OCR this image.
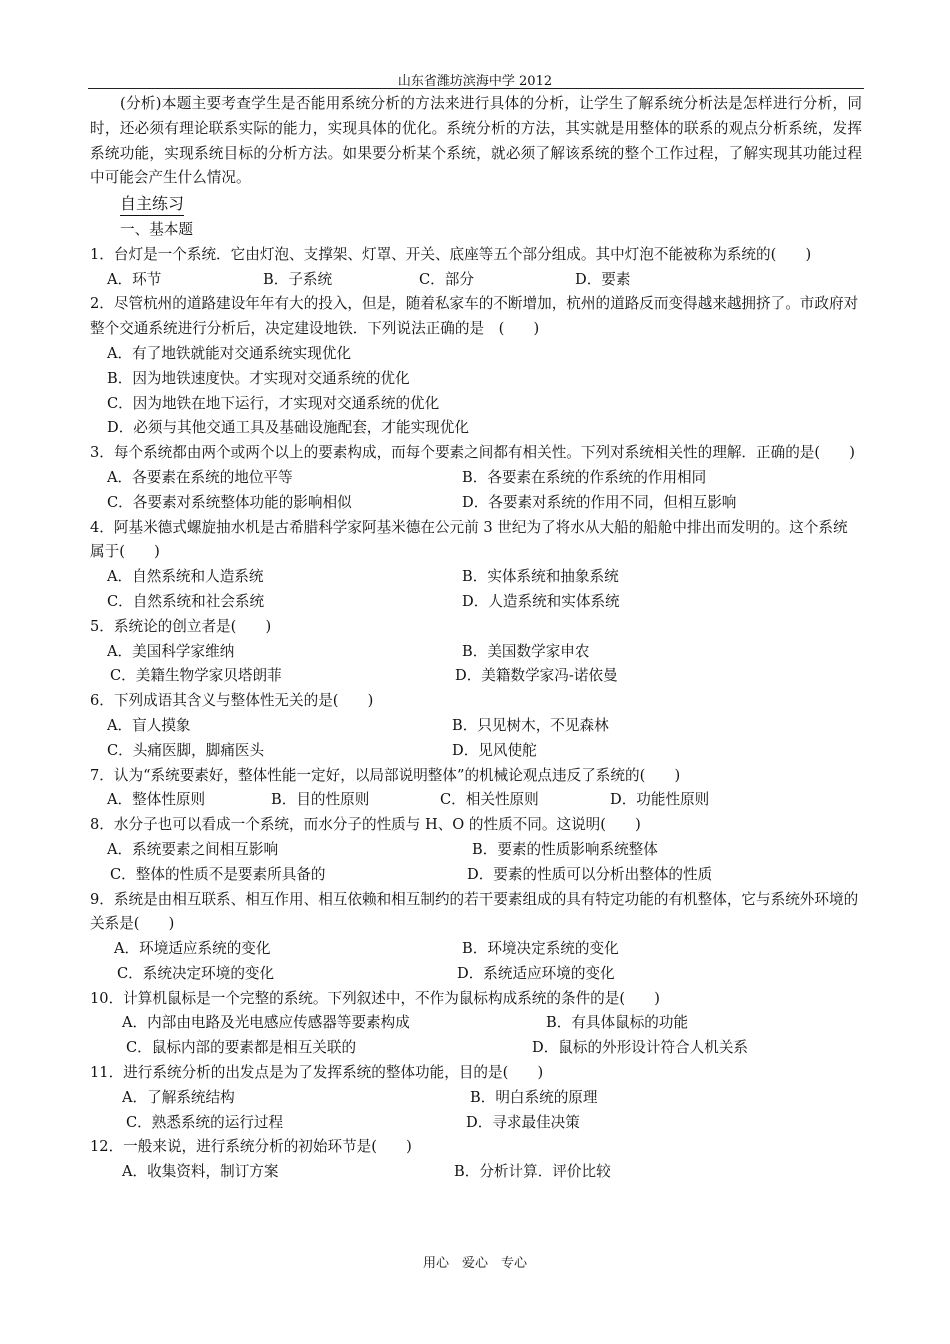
山东省潍坊滨海中学 2012

(分析)本题主要考查学生是否能用系统分析的方法来进行具体的分析，让学生了解系统分析法是怎样进行分析，同时，还必须有理论联系实际的能力，实现具体的优化。系统分析的方法，其实就是用整体的联系的观点分析系统，发挥系统功能，实现系统目标的分析方法。如果要分析某个系统，就必须了解该系统的整个工作过程，了解实现其功能过程中可能会产生什么情况。

自主练习
一、基本题
1．台灯是一个系统．它由灯泡、支撑架、灯罩、开关、底座等五个部分组成。其中灯泡不能被称为系统的(　　)
A．环节	B．子系统	C．部分	D．要素
2．尽管杭州的道路建设年年有大的投入，但是，随着私家车的不断增加，杭州的道路反而变得越来越拥挤了。市政府对整个交通系统进行分析后，决定建设地铁．下列说法正确的是　(　　)
A．有了地铁就能对交通系统实现优化
B．因为地铁速度快。才实现对交通系统的优化
C．因为地铁在地下运行，才实现对交通系统的优化
D．必须与其他交通工具及基础设施配套，才能实现优化
3．每个系统都由两个或两个以上的要素构成，而每个要素之间都有相关性。下列对系统相关性的理解．正确的是(　　)
A．各要素在系统的地位平等	B．各要素在系统的作系统的作用相同
C．各要素对系统整体功能的影响相似	D．各要素对系统的作用不同，但相互影响
4．阿基米德式螺旋抽水机是古希腊科学家阿基米德在公元前 3 世纪为了将水从大船的船舱中排出而发明的。这个系统属于(　　)
A．自然系统和人造系统	B．实体系统和抽象系统
C．自然系统和社会系统	D．人造系统和实体系统
5．系统论的创立者是(　　)
A．美国科学家维纳	B．美国数学家申农
C．美籍生物学家贝塔朗菲	D．美籍数学家冯-诺依曼
6．下列成语其含义与整体性无关的是(　　)
A．盲人摸象	B．只见树木，不见森林
C．头痛医脚，脚痛医头	D．见风使舵
7．认为“系统要素好，整体性能一定好，以局部说明整体”的机械论观点违反了系统的(　　)
A．整体性原则	B．目的性原则	C．相关性原则	D．功能性原则
8．水分子也可以看成一个系统，而水分子的性质与 H、O 的性质不同。这说明(　　)
A．系统要素之间相互影响	B．要素的性质影响系统整体
C．整体的性质不是要素所具备的	D．要素的性质可以分析出整体的性质
9．系统是由相互联系、相互作用、相互依赖和相互制约的若干要素组成的具有特定功能的有机整体，它与系统外环境的关系是(　　)
A．环境适应系统的变化	B．环境决定系统的变化
C．系统决定环境的变化	D．系统适应环境的变化
10．计算机鼠标是一个完整的系统。下列叙述中，不作为鼠标构成系统的条件的是(　　)
A．内部由电路及光电感应传感器等要素构成	B．有具体鼠标的功能
C．鼠标内部的要素都是相互关联的	D．鼠标的外形设计符合人机关系
11．进行系统分析的出发点是为了发挥系统的整体功能，目的是(　　)
A．了解系统结构	B．明白系统的原理
C．熟悉系统的运行过程	D．寻求最佳决策
12．一般来说，进行系统分析的初始环节是(　　)
A．收集资料，制订方案	B．分析计算．评价比较
用心　爱心　专心
